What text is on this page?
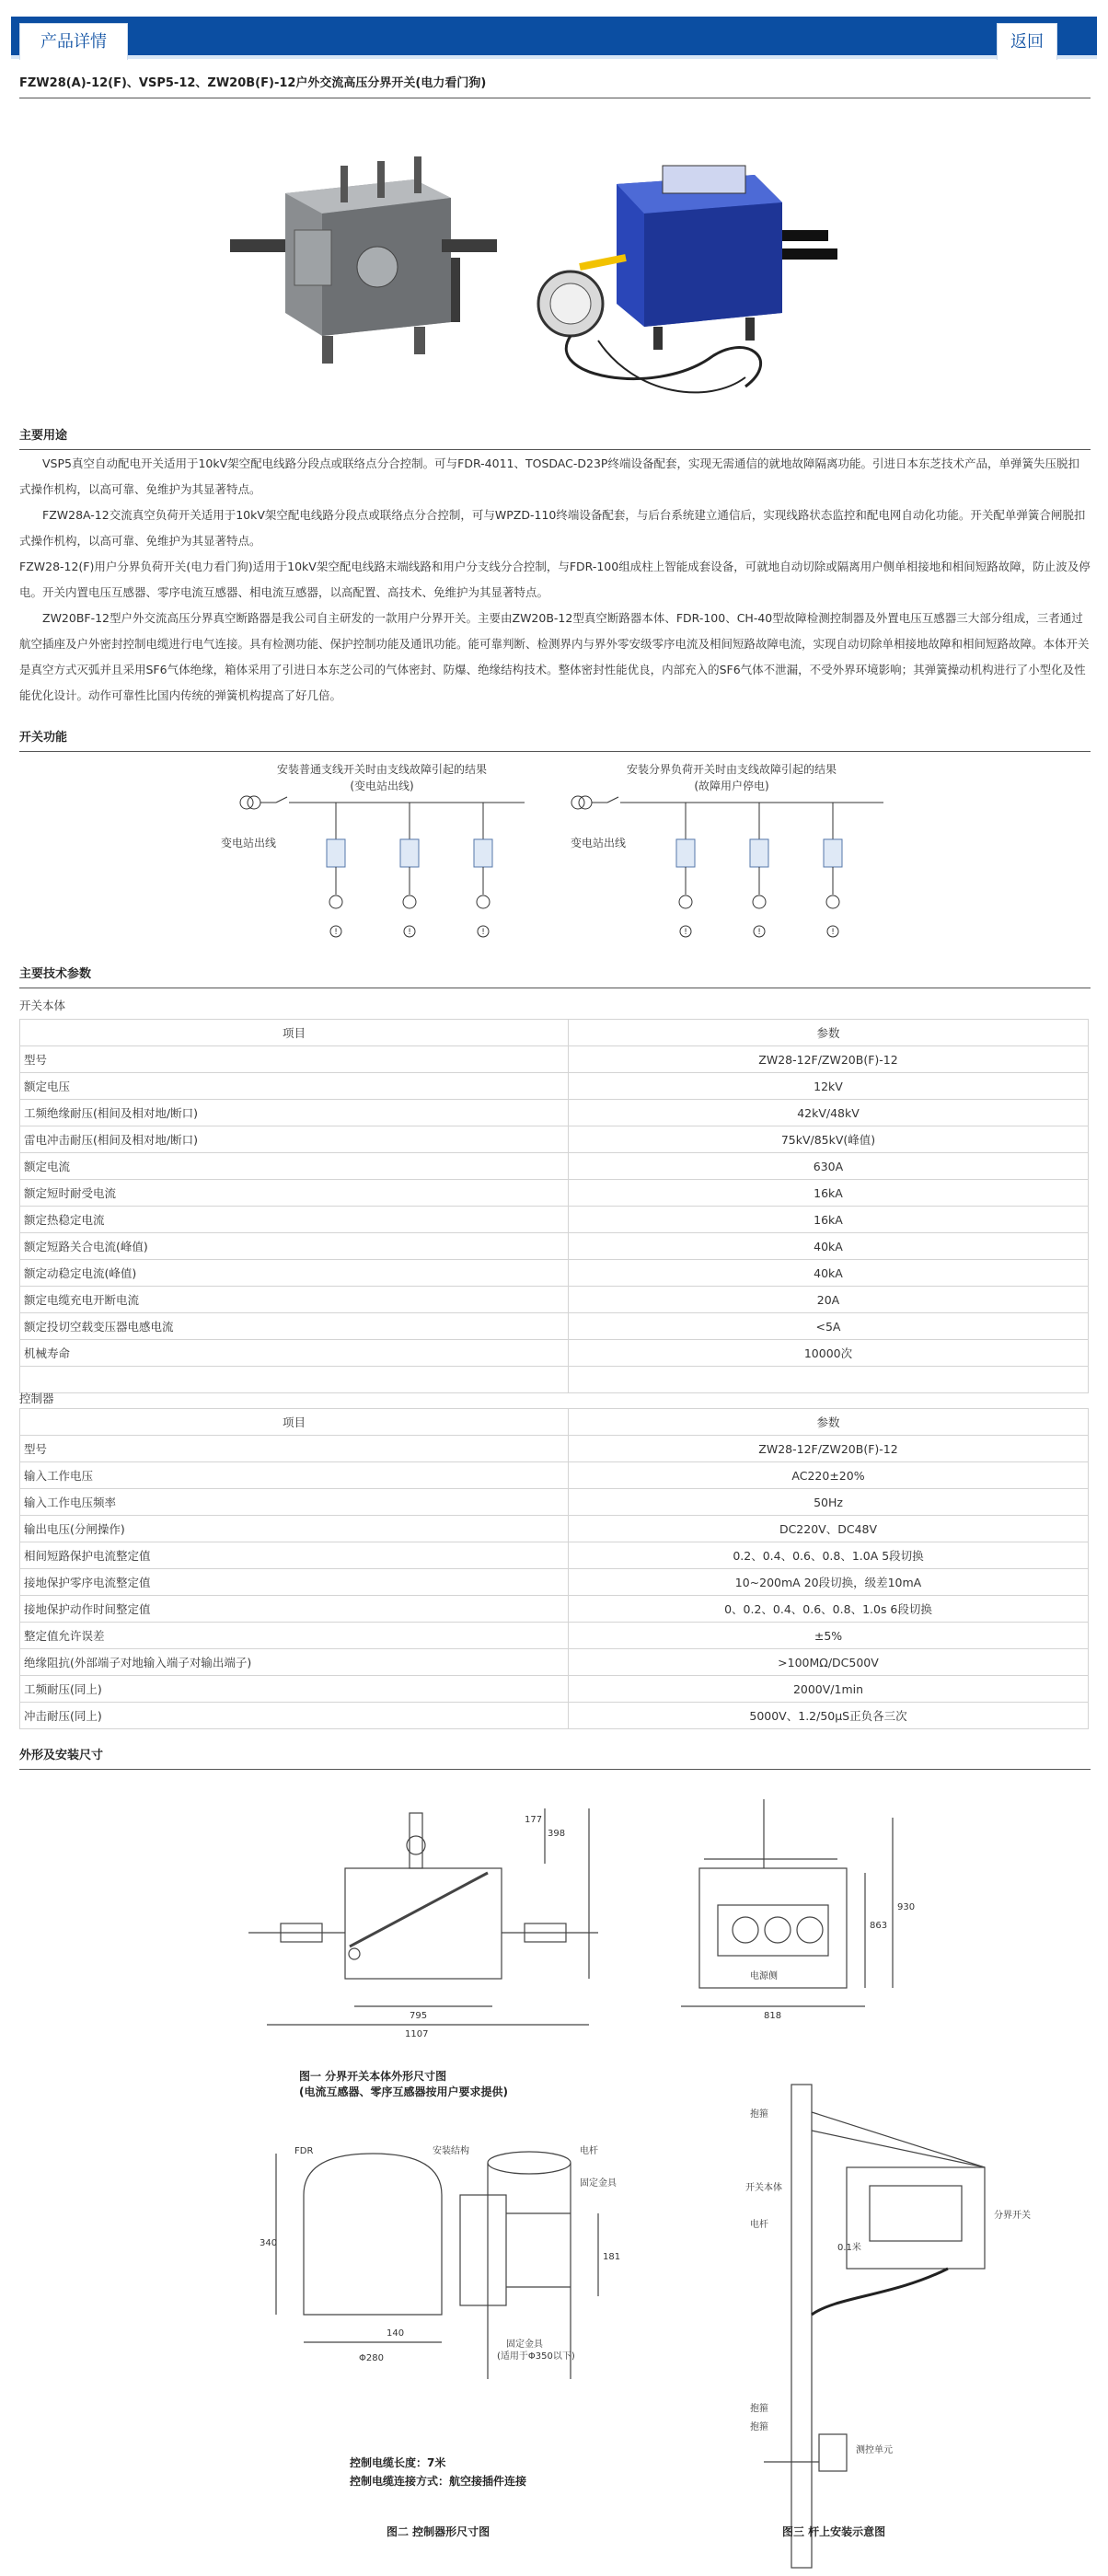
产品详情	返回
FZW28(A)-12(F)、VSP5-12、ZW20B(F)-12户外交流高压分界开关(电力看门狗)
主要用途

VSP5真空自动配电开关适用于10kV架空配电线路分段点或联络点分合控制。可与FDR-4011、TOSDAC-D23P终端设备配套，实现无需通信的就地故障隔离功能。引进日本东芝技术产品，单弹簧失压脱扣式操作机构，以高可靠、免维护为其显著特点。

FZW28A-12交流真空负荷开关适用于10kV架空配电线路分段点或联络点分合控制，可与WPZD-110终端设备配套，与后台系统建立通信后，实现线路状态监控和配电网自动化功能。开关配单弹簧合闸脱扣式操作机构，以高可靠、免维护为其显著特点。

FZW28-12(F)用户分界负荷开关(电力看门狗)适用于10kV架空配电线路末端线路和用户分支线分合控制，与FDR-100组成柱上智能成套设备，可就地自动切除或隔离用户侧单相接地和相间短路故障，防止波及停电。开关内置电压互感器、零序电流互感器、相电流互感器，以高配置、高技术、免维护为其显著特点。

ZW20BF-12型户外交流高压分界真空断路器是我公司自主研发的一款用户分界开关。主要由ZW20B-12型真空断路器本体、FDR-100、CH-40型故障检测控制器及外置电压互感器三大部分组成，三者通过航空插座及户外密封控制电缆进行电气连接。具有检测功能、保护控制功能及通讯功能。能可靠判断、检测界内与界外零安级零序电流及相间短路故障电流，实现自动切除单相接地故障和相间短路故障。本体开关是真空方式灭弧并且采用SF6气体绝缘，箱体采用了引进日本东芝公司的气体密封、防爆、绝缘结构技术。整体密封性能优良，内部充入的SF6气体不泄漏，不受外界环境影响；其弹簧操动机构进行了小型化及性能优化设计。动作可靠性比国内传统的弹簧机构提高了好几倍。

开关功能
安装普通支线开关时由支线故障引起的结果
(变电站出线)
变电站出线
!	!	!
安装分界负荷开关时由支线故障引起的结果
(故障用户停电)
变电站出线
!	!	!
主要技术参数
开关本体
项目	参数
型号	ZW28-12F/ZW20B(F)-12
额定电压	12kV
工频绝缘耐压(相间及相对地/断口)	42kV/48kV
雷电冲击耐压(相间及相对地/断口)	75kV/85kV(峰值)
额定电流	630A
额定短时耐受电流	16kA
额定热稳定电流	16kA
额定短路关合电流(峰值)	40kA
额定动稳定电流(峰值)	40kA
额定电缆充电开断电流	20A
额定投切空载变压器电感电流	<5A
机械寿命	10000次

控制器
项目	参数
型号	ZW28-12F/ZW20B(F)-12
输入工作电压	AC220±20%
输入工作电压频率	50Hz
输出电压(分闸操作)	DC220V、DC48V
相间短路保护电流整定值	0.2、0.4、0.6、0.8、1.0A 5段切换
接地保护零序电流整定值	10~200mA 20段切换，级差10mA
接地保护动作时间整定值	0、0.2、0.4、0.6、0.8、1.0s 6段切换
整定值允许误差	±5%
绝缘阻抗(外部端子对地输入端子对输出端子)	>100MΩ/DC500V
工频耐压(同上)	2000V/1min
冲击耐压(同上)	5000V、1.2/50μS正负各三次
外形及安装尺寸
795
1107
818
930
863
398
177
电源侧
FDR	安装结构	电杆
固定金具
340
181
140
Φ280
固定金具
(适用于Φ350以下)
抱箍
开关本体
电杆
0.1米
分界开关
抱箍
抱箍
测控单元
图一 分界开关本体外形尺寸图
(电流互感器、零序互感器按用户要求提供)
控制电缆长度：7米
控制电缆连接方式：航空接插件连接
图二 控制器形尺寸图	图三 杆上安装示意图
